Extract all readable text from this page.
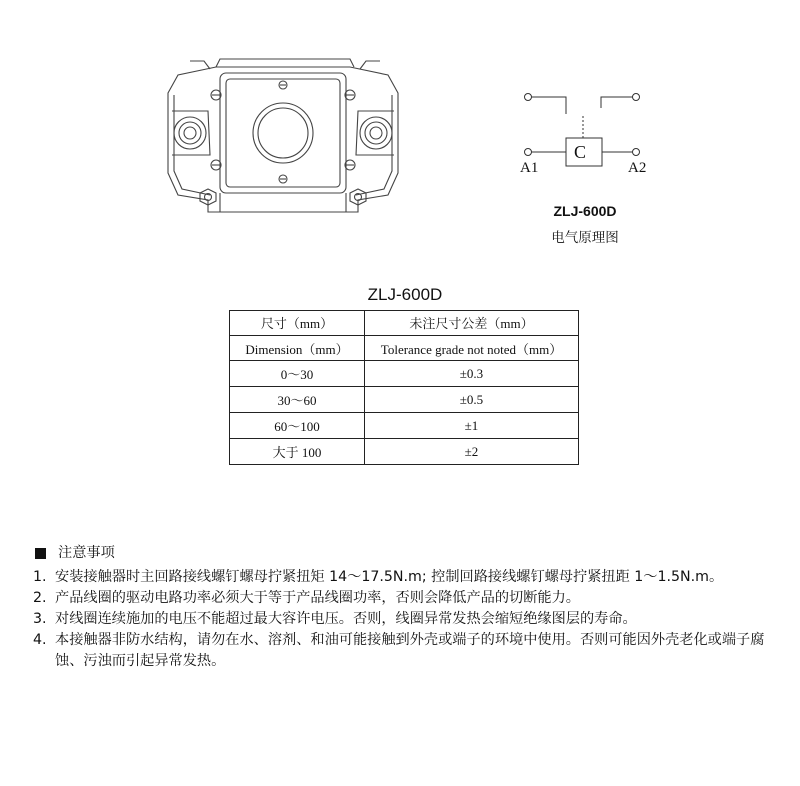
C
A1	A2
ZLJ-600D
电气原理图
ZLJ-600D
尺寸（mm）	未注尺寸公差（mm）

Dimension（mm）	Tolerance grade not noted（mm）
0～30	±0.3
30～60	±0.5
60～100	±1
大于 100	±2
注意事项
1. 安装接触器时主回路接线螺钉螺母拧紧扭矩 14～17.5N.m; 控制回路接线螺钉螺母拧紧扭距 1～1.5N.m。
2. 产品线圈的驱动电路功率必须大于等于产品线圈功率，否则会降低产品的切断能力。
3. 对线圈连续施加的电压不能超过最大容许电压。否则，线圈异常发热会缩短绝缘图层的寿命。
4. 本接触器非防水结构，请勿在水、溶剂、和油可能接触到外壳或端子的环境中使用。否则可能因外壳老化或端子腐蚀、污浊而引起异常发热。
